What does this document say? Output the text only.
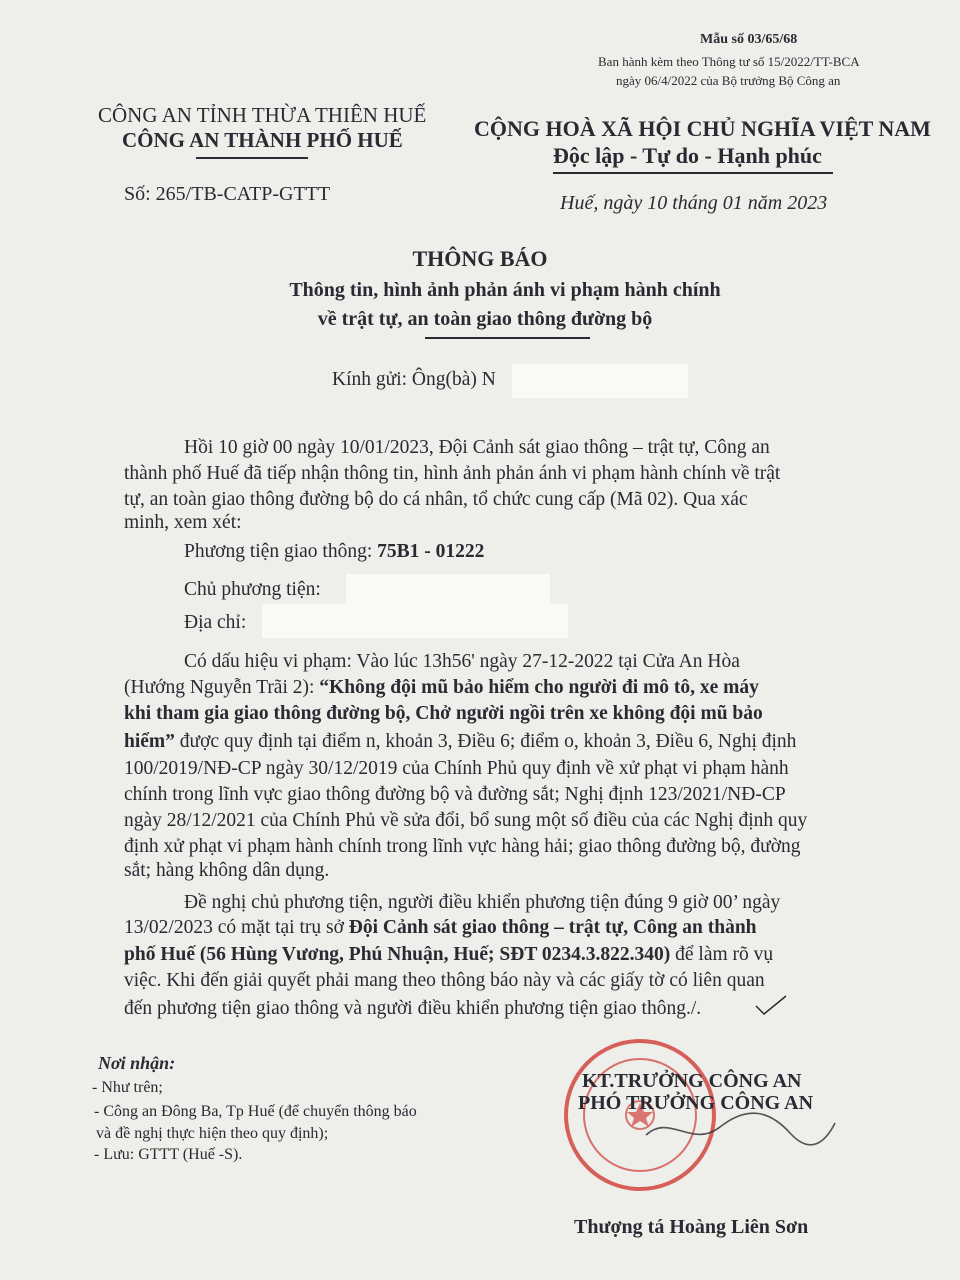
Mẫu số 03/65/68
Ban hành kèm theo Thông tư số 15/2022/TT-BCA
ngày 06/4/2022 của Bộ trưởng Bộ Công an
CÔNG AN TỈNH THỪA THIÊN HUẾ
CÔNG AN THÀNH PHỐ HUẾ
Số: 265/TB-CATP-GTTT
CỘNG HOÀ XÃ HỘI CHỦ NGHĨA VIỆT NAM
Độc lập - Tự do - Hạnh phúc
Huế, ngày 10 tháng 01 năm 2023
THÔNG BÁO
Thông tin, hình ảnh phản ánh vi phạm hành chính
về trật tự, an toàn giao thông đường bộ
Kính gửi: Ông(bà) N
Hồi 10 giờ 00 ngày 10/01/2023, Đội Cảnh sát giao thông – trật tự, Công an
thành phố Huế đã tiếp nhận thông tin, hình ảnh phản ánh vi phạm hành chính về trật
tự, an toàn giao thông đường bộ do cá nhân, tổ chức cung cấp (Mã 02). Qua xác
minh, xem xét:
Phương tiện giao thông: 75B1 - 01222
Chủ phương tiện:
Địa chỉ:
Có dấu hiệu vi phạm: Vào lúc 13h56' ngày 27-12-2022 tại Cửa An Hòa
(Hướng Nguyễn Trãi 2): “Không đội mũ bảo hiểm cho người đi mô tô, xe máy
khi tham gia giao thông đường bộ, Chở người ngồi trên xe không đội mũ bảo
hiểm” được quy định tại điểm n, khoản 3, Điều 6; điểm o, khoản 3, Điều 6, Nghị định
100/2019/NĐ-CP ngày 30/12/2019 của Chính Phủ quy định về xử phạt vi phạm hành
chính trong lĩnh vực giao thông đường bộ và đường sắt; Nghị định 123/2021/NĐ-CP
ngày 28/12/2021 của Chính Phủ về sửa đổi, bổ sung một số điều của các Nghị định quy
định xử phạt vi phạm hành chính trong lĩnh vực hàng hải; giao thông đường bộ, đường
sắt; hàng không dân dụng.
Đề nghị chủ phương tiện, người điều khiển phương tiện đúng 9 giờ 00’ ngày
13/02/2023 có mặt tại trụ sở Đội Cảnh sát giao thông – trật tự, Công an thành
phố Huế (56 Hùng Vương, Phú Nhuận, Huế; SĐT 0234.3.822.340) để làm rõ vụ
việc. Khi đến giải quyết phải mang theo thông báo này và các giấy tờ có liên quan
đến phương tiện giao thông và người điều khiển phương tiện giao thông./.
Nơi nhận:
- Như trên;
- Công an Đông Ba, Tp Huế (để chuyển thông báo
và đề nghị thực hiện theo quy định);
- Lưu: GTTT (Huế -S).
KT.TRƯỞNG CÔNG AN
PHÓ TRƯỞNG CÔNG AN
Thượng tá Hoàng Liên Sơn
